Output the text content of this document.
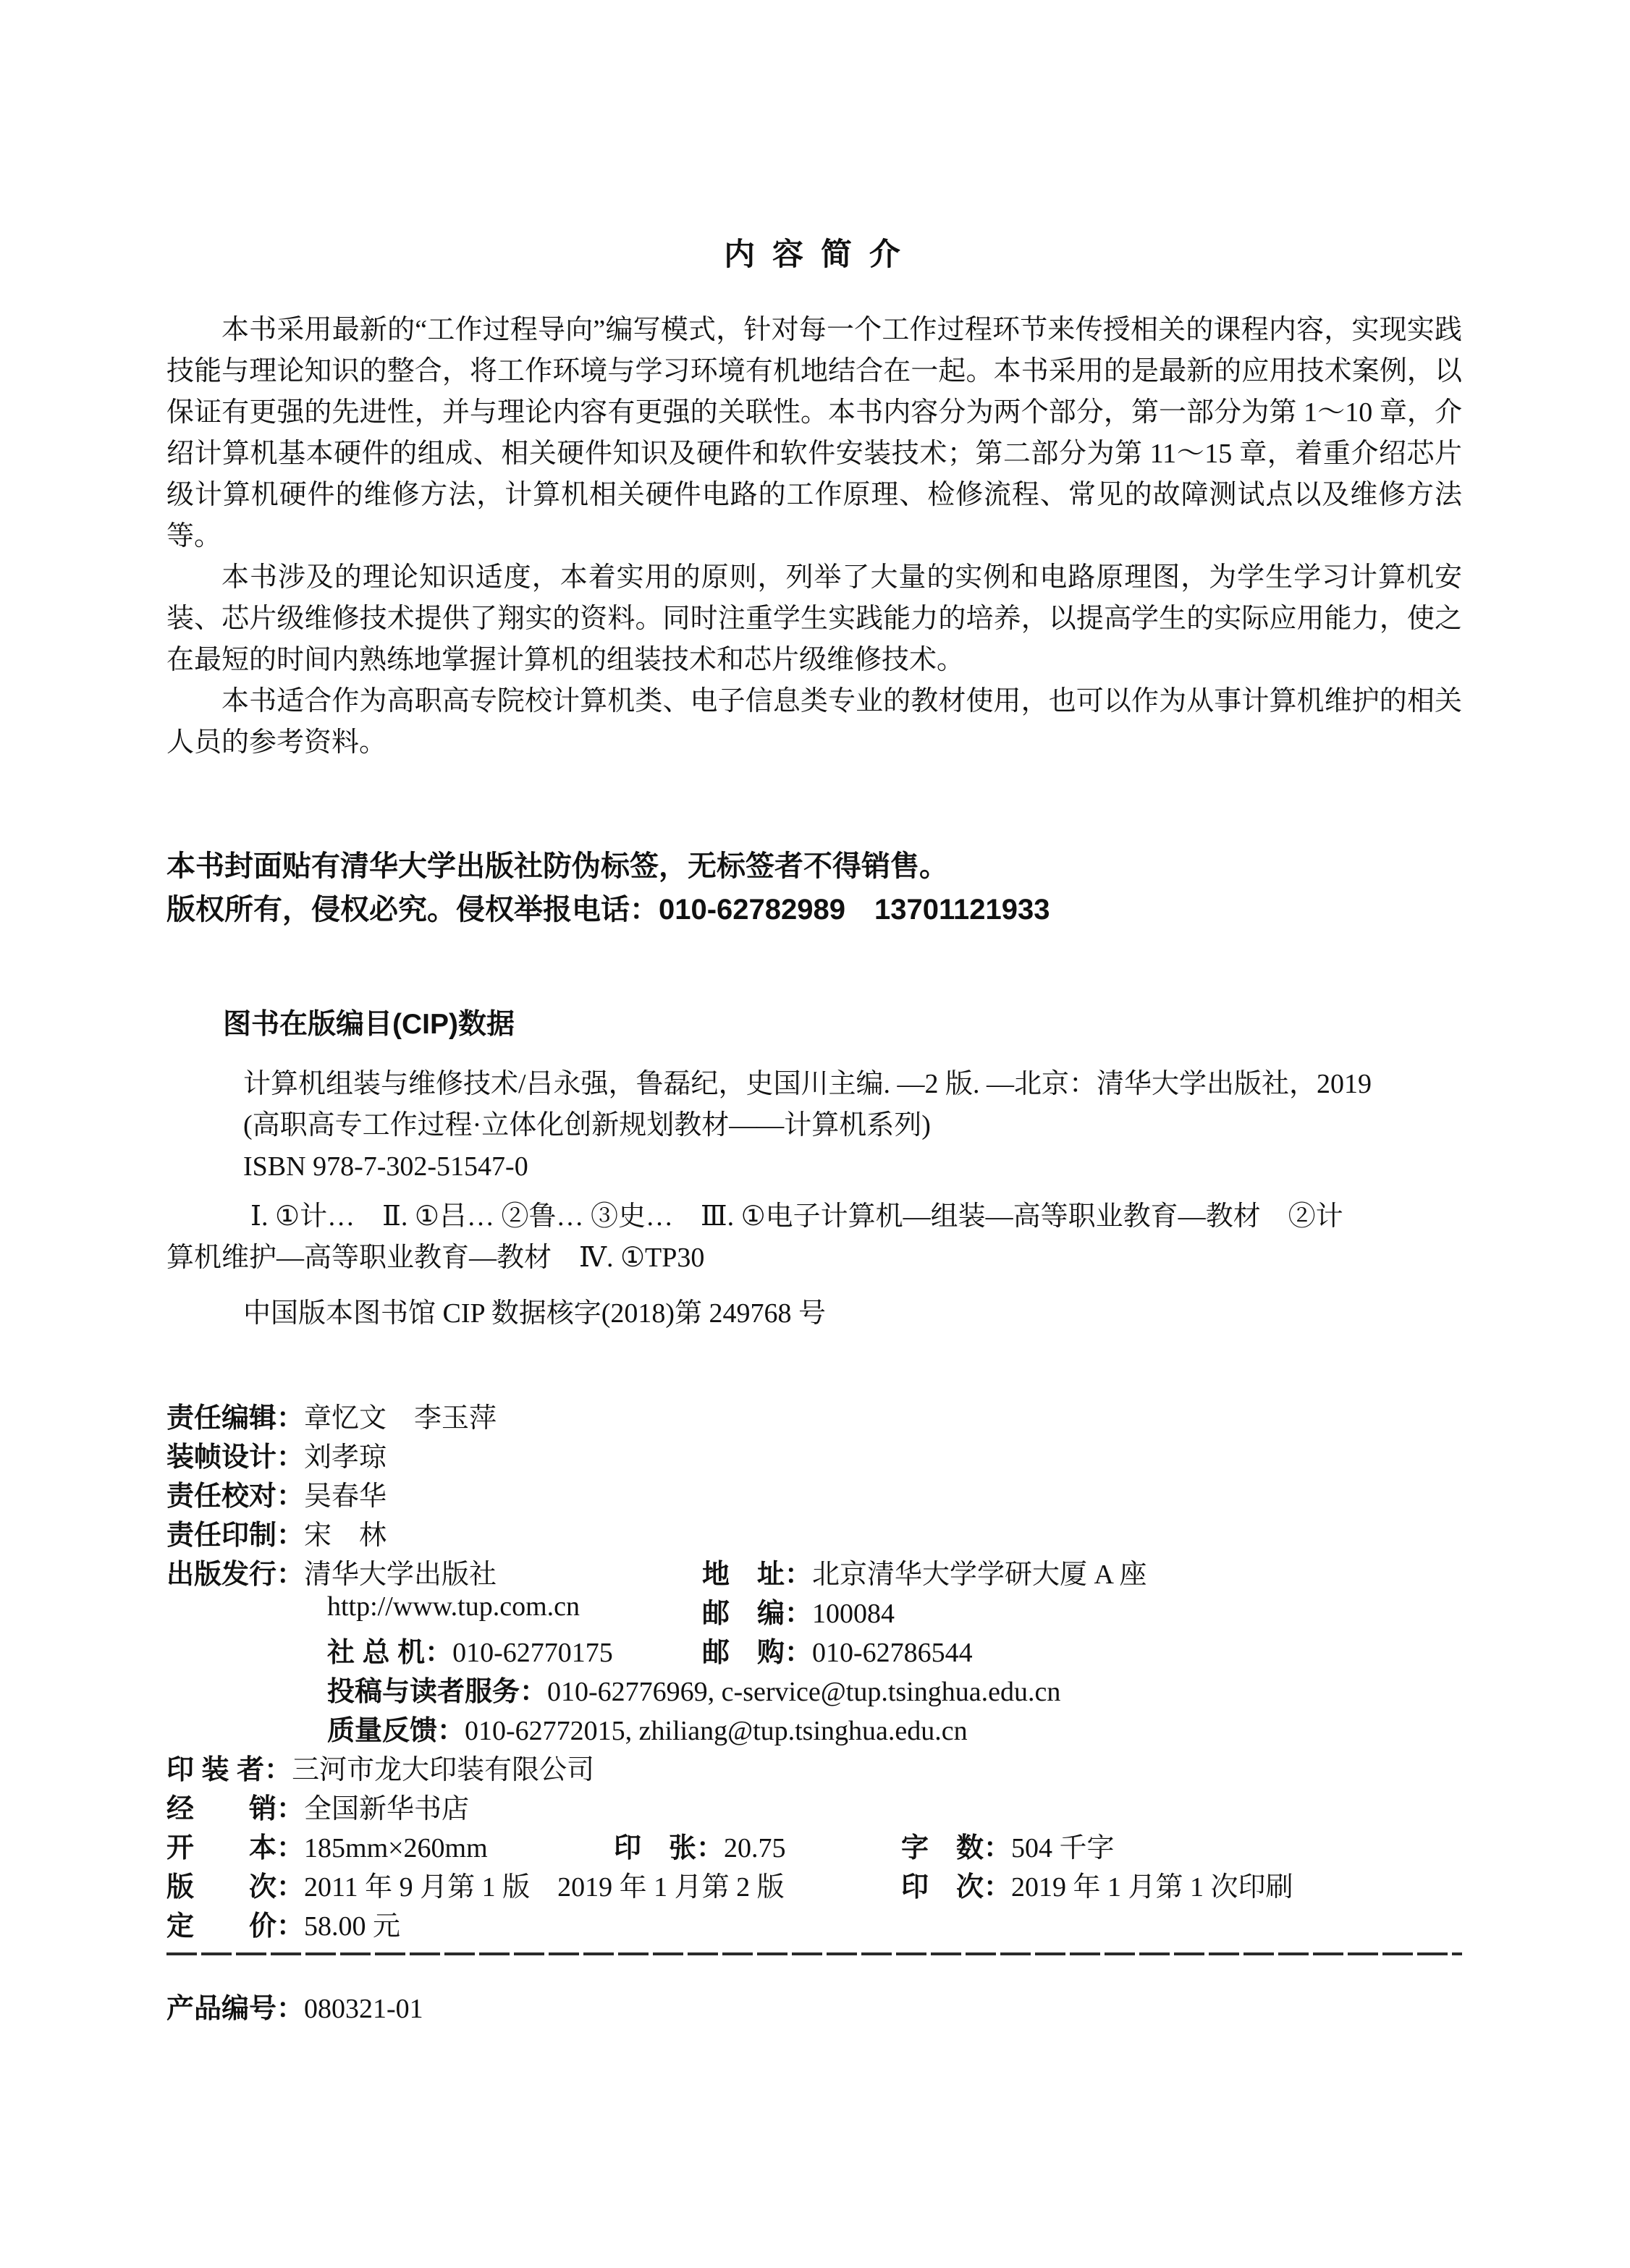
内 容 简 介

本书采用最新的“工作过程导向”编写模式，针对每一个工作过程环节来传授相关的课程内容，实现实践技能与理论知识的整合，将工作环境与学习环境有机地结合在一起。本书采用的是最新的应用技术案例，以保证有更强的先进性，并与理论内容有更强的关联性。本书内容分为两个部分，第一部分为第 1～10 章，介绍计算机基本硬件的组成、相关硬件知识及硬件和软件安装技术；第二部分为第 11～15 章，着重介绍芯片级计算机硬件的维修方法，计算机相关硬件电路的工作原理、检修流程、常见的故障测试点以及维修方法等。

本书涉及的理论知识适度，本着实用的原则，列举了大量的实例和电路原理图，为学生学习计算机安装、芯片级维修技术提供了翔实的资料。同时注重学生实践能力的培养，以提高学生的实际应用能力，使之在最短的时间内熟练地掌握计算机的组装技术和芯片级维修技术。

本书适合作为高职高专院校计算机类、电子信息类专业的教材使用，也可以作为从事计算机维护的相关人员的参考资料。

本书封面贴有清华大学出版社防伪标签，无标签者不得销售。
版权所有，侵权必究。侵权举报电话：010-62782989　13701121933
图书在版编目(CIP)数据
计算机组装与维修技术/吕永强，鲁磊纪，史国川主编. —2 版. —北京：清华大学出版社，2019
(高职高专工作过程·立体化创新规划教材——计算机系列)
ISBN 978-7-302-51547-0
Ⅰ. ①计…　Ⅱ. ①吕… ②鲁… ③史…　Ⅲ. ①电子计算机—组装—高等职业教育—教材　②计
算机维护—高等职业教育—教材　Ⅳ. ①TP30
中国版本图书馆 CIP 数据核字(2018)第 249768 号
责任编辑：章忆文　李玉萍
装帧设计：刘孝琼
责任校对：吴春华
责任印制：宋　林
出版发行：清华大学出版社	地　址：北京清华大学学研大厦 A 座
http://www.tup.com.cn	邮　编：100084
社 总 机：010-62770175	邮　购：010-62786544
投稿与读者服务：010-62776969, c-service@tup.tsinghua.edu.cn
质量反馈：010-62772015, zhiliang@tup.tsinghua.edu.cn
印 装 者：三河市龙大印装有限公司
经　　销：全国新华书店
开　　本：185mm×260mm	印　张：20.75	字　数：504 千字
版　　次：2011 年 9 月第 1 版　2019 年 1 月第 2 版	印　次：2019 年 1 月第 1 次印刷
定　　价：58.00 元
产品编号：080321-01
